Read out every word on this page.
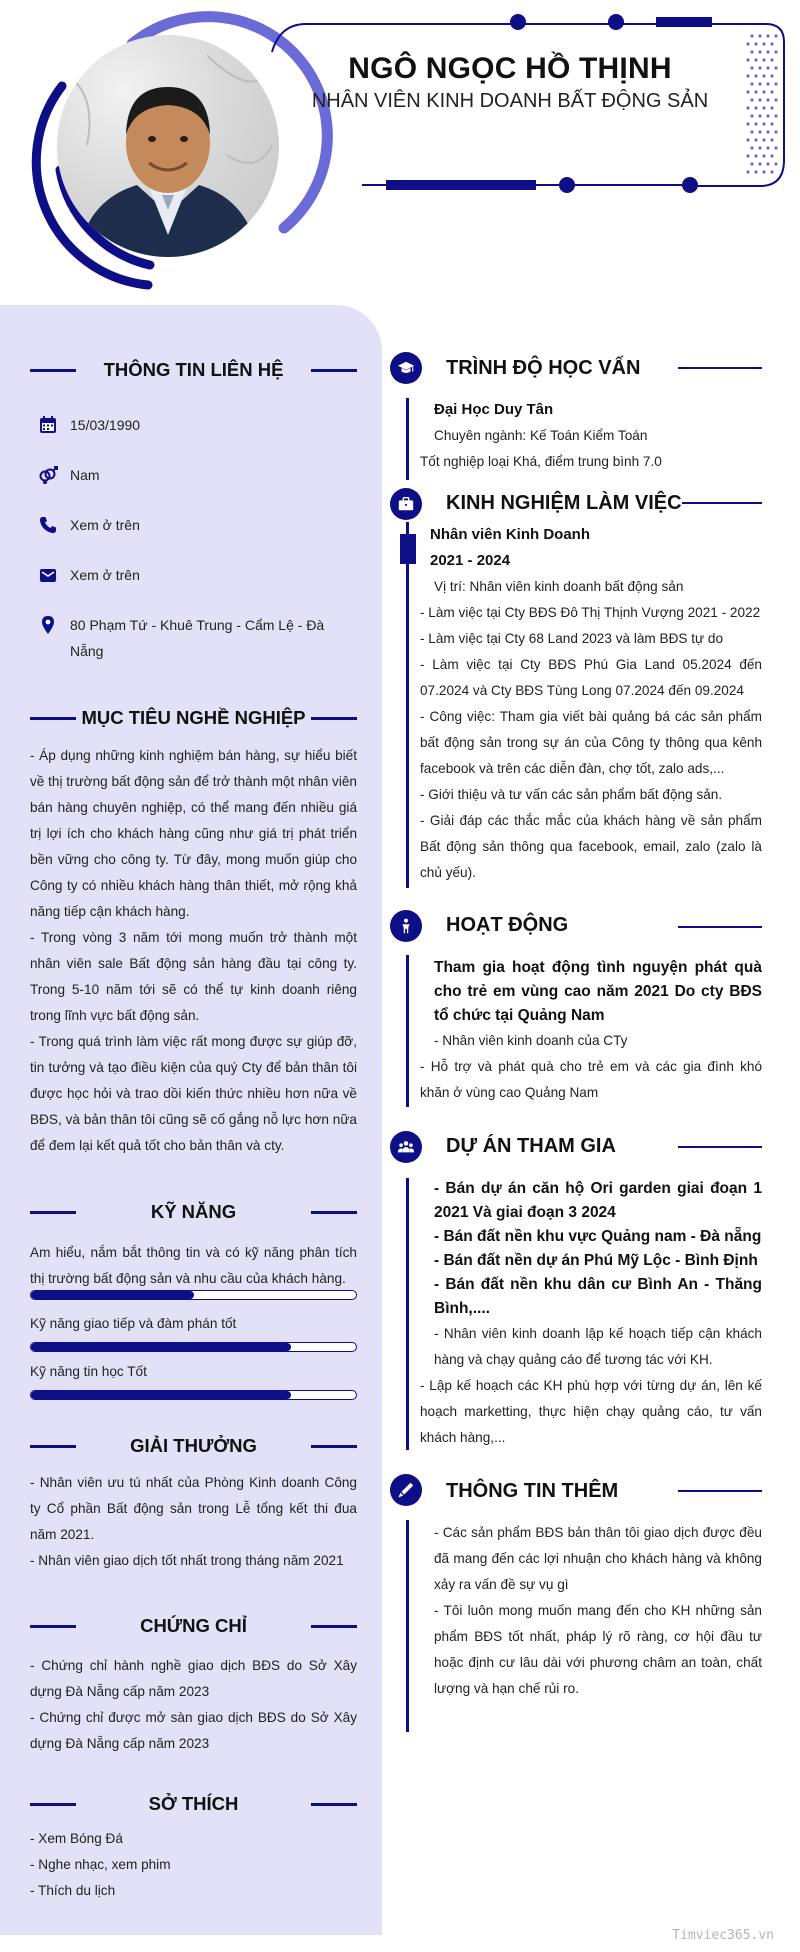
NGÔ NGỌC HỒ THỊNH
NHÂN VIÊN KINH DOANH BẤT ĐỘNG SẢN
THÔNG TIN LIÊN HỆ
15/03/1990
Nam
Xem ở trên
Xem ở trên
80 Phạm Tứ - Khuê Trung - Cẩm Lệ - Đà Nẵng
MỤC TIÊU NGHỀ NGHIỆP

- Áp dụng những kinh nghiệm bán hàng, sự hiểu biết về thị trường bất động sản để trở thành một nhân viên bán hàng chuyên nghiệp, có thể mang đến nhiều giá trị lợi ích cho khách hàng cũng như giá trị phát triển bền vững cho công ty. Từ đây, mong muốn giúp cho Công ty có nhiều khách hàng thân thiết, mở rộng khả năng tiếp cận khách hàng.

- Trong vòng 3 năm tới mong muốn trở thành một nhân viên sale Bất động sản hàng đầu tại công ty. Trong 5-10 năm tới sẽ có thể tự kinh doanh riêng trong lĩnh vực bất động sản.

- Trong quá trình làm việc rất mong được sự giúp đỡ, tin tưởng và tạo điều kiện của quý Cty để bản thân tôi được học hỏi và trao dồi kiến thức nhiều hơn nữa về BĐS, và bản thân tôi cũng sẽ cố gắng nỗ lực hơn nữa để đem lại kết quả tốt cho bản thân và cty.

KỸ NĂNG
Am hiểu, nắm bắt thông tin và có kỹ năng phân tích thị trường bất động sản và nhu cầu của khách hàng.
Kỹ năng giao tiếp và đàm phán tốt
Kỹ năng tin học Tốt
GIẢI THƯỞNG

- Nhân viên ưu tú nhất của Phòng Kinh doanh Công ty Cổ phần Bất động sản trong Lễ tổng kết thi đua năm 2021.

- Nhân viên giao dịch tốt nhất trong tháng năm 2021

CHỨNG CHỈ

- Chứng chỉ hành nghề giao dịch BĐS do Sở Xây dựng Đà Nẵng cấp năm 2023

- Chứng chỉ được mở sàn giao dịch BĐS do Sở Xây dựng Đà Nẵng cấp năm 2023

SỞ THÍCH

- Xem Bóng Đá

- Nghe nhạc, xem phim

- Thích du lịch

TRÌNH ĐỘ HỌC VẤN

Đại Học Duy Tân

Chuyên ngành: Kế Toán Kiểm Toán

Tốt nghiệp loại Khá, điểm trung bình 7.0

KINH NGHIỆM LÀM VIỆC

Nhân viên Kinh Doanh

2021 - 2024

Vị trí: Nhân viên kinh doanh bất động sản

- Làm việc tại Cty BĐS Đô Thị Thịnh Vượng 2021 - 2022

- Làm việc tại Cty 68 Land 2023 và làm BĐS tự do

- Làm việc tại Cty BĐS Phú Gia Land 05.2024 đến 07.2024 và Cty BĐS Tùng Long 07.2024 đến 09.2024

- Công việc: Tham gia viết bài quảng bá các sản phẩm bất động sản trong sự án của Công ty thông qua kênh facebook và trên các diễn đàn, chợ tốt, zalo ads,...

- Giới thiệu và tư vấn các sản phẩm bất động sản.

- Giải đáp các thắc mắc của khách hàng về sản phẩm Bất động sản thông qua facebook, email, zalo (zalo là chủ yếu).

HOẠT ĐỘNG

Tham gia hoạt động tình nguyện phát quà cho trẻ em vùng cao năm 2021 Do cty BĐS tổ chức tại Quảng Nam

- Nhân viên kinh doanh của CTy

- Hỗ trợ và phát quà cho trẻ em và các gia đình khó khăn ở vùng cao Quảng Nam

DỰ ÁN THAM GIA

- Bán dự án căn hộ Ori garden giai đoạn 1 2021 Và giai đoạn 3 2024

- Bán đất nền khu vực Quảng nam - Đà nẵng

- Bán đất nền dự án Phú Mỹ Lộc - Bình Định

- Bán đất nền khu dân cư Bình An - Thăng Bình,....

- Nhân viên kinh doanh lập kế hoạch tiếp cận khách hàng và chạy quảng cáo để tương tác với KH.

- Lập kế hoạch các KH phù hợp với từng dự án, lên kế hoạch marketting, thực hiện chạy quảng cáo, tư vấn khách hàng,...

THÔNG TIN THÊM

- Các sản phẩm BĐS bản thân tôi giao dịch được đều đã mang đến các lợi nhuận cho khách hàng và không xảy ra vấn đề sự vụ gì

- Tôi luôn mong muốn mang đến cho KH những sản phẩm BĐS tốt nhất, pháp lý rõ ràng, cơ hội đầu tư hoặc định cư lâu dài với phương châm an toàn, chất lượng và hạn chế rủi ro.

Timviec365.vn
